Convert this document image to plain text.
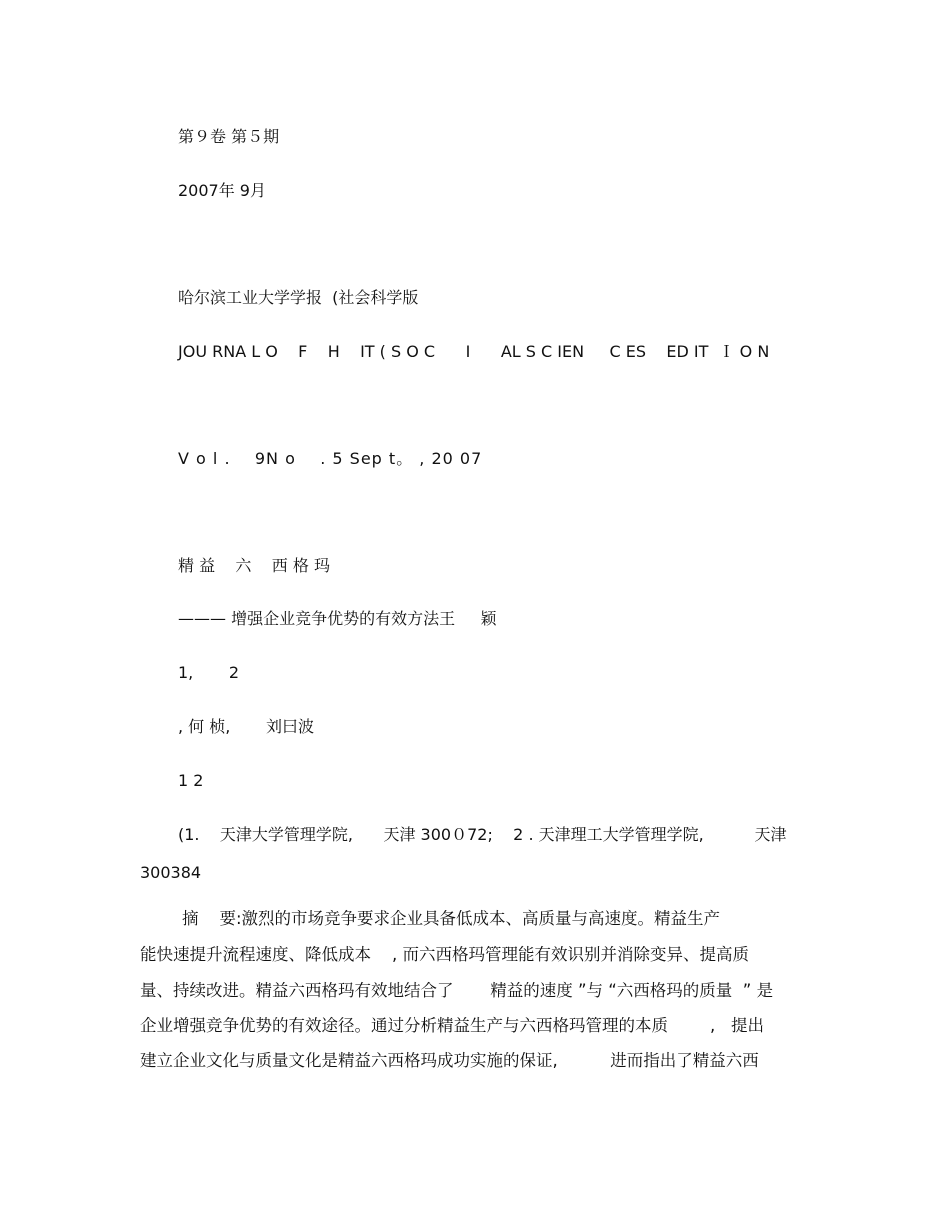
第９卷 第５期
2007年 9月
哈尔滨工业大学学报  (社会科学版
JOU RNA L O    F    H    IT ( S O C      I      AL S C IEN     C ES    ED IT  Ｉ O N
V o l .    9N o    . 5 Sep t。 , 20 07
精 益    六    西 格 玛
——— 增强企业竞争优势的有效方法王     颖
1,       2
, 何 桢,       刘曰波
1 2
(1.    天津大学管理学院,      天津 300０72;    2 . 天津理工大学管理学院,          天津
300384
摘    要:激烈的市场竞争要求企业具备低成本、高质量与高速度。精益生产
能快速提升流程速度、降低成本    , 而六西格玛管理能有效识别并消除变异、提高质
量、持续改进。精益六西格玛有效地结合了       精益的速度 ”与 “六西格玛的质量  ” 是
企业增强竞争优势的有效途径。通过分析精益生产与六西格玛管理的本质        ,   提出
建立企业文化与质量文化是精益六西格玛成功实施的保证,          进而指出了精益六西
